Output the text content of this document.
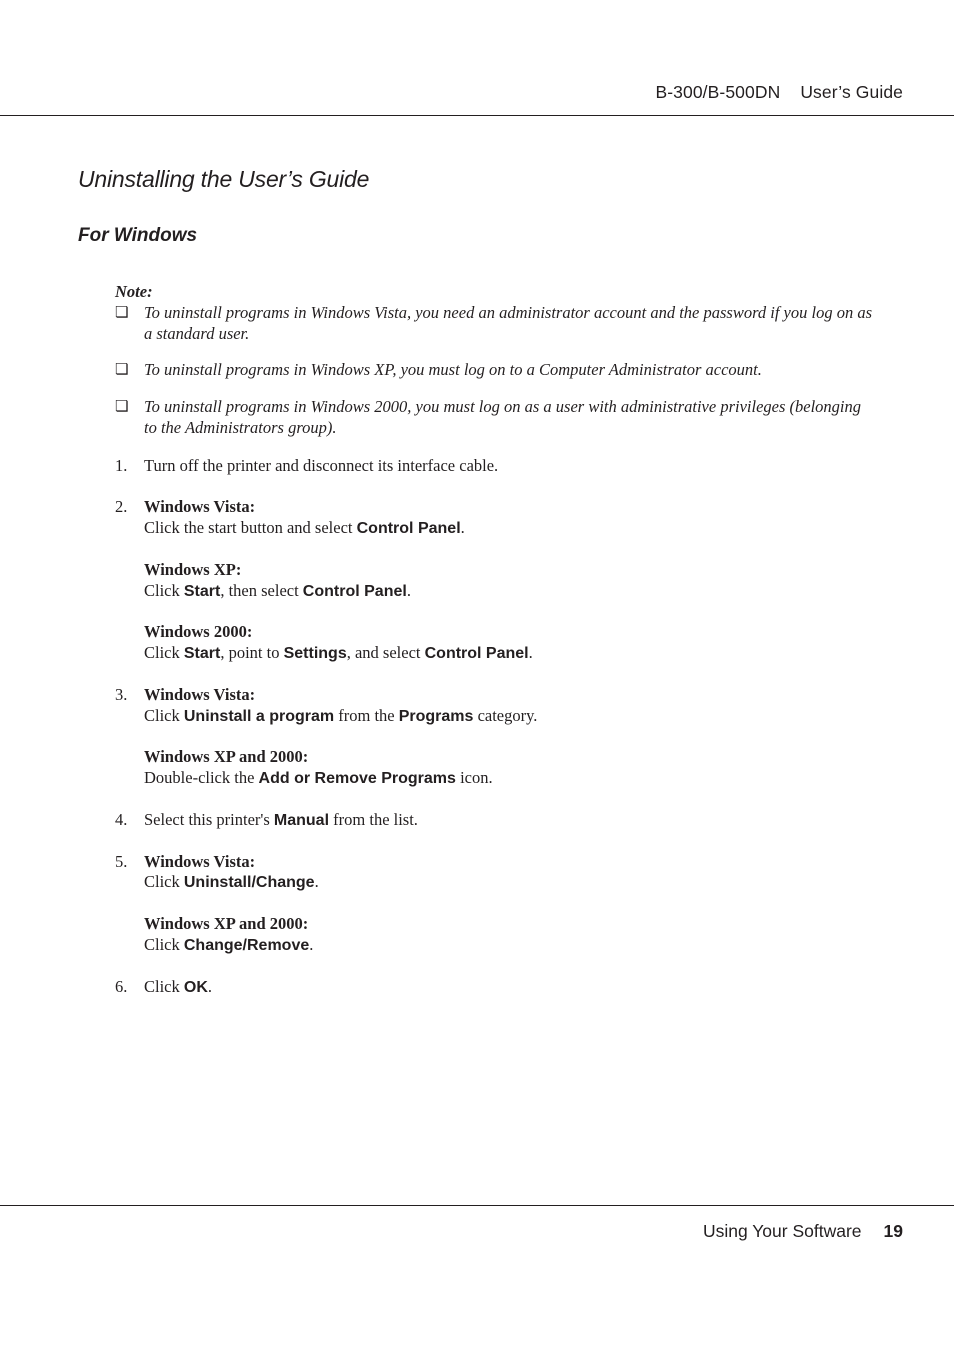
B-300/B-500DN User’s Guide
Uninstalling the User’s Guide
For Windows
Note:
❏ To uninstall programs in Windows Vista, you need an administrator account and the password if you log on as a standard user.
❏ To uninstall programs in Windows XP, you must log on to a Computer Administrator account.
❏ To uninstall programs in Windows 2000, you must log on as a user with administrative privileges (belonging to the Administrators group).
1. Turn off the printer and disconnect its interface cable.
2. Windows Vista:
Click the start button and select Control Panel.
Windows XP:
Click Start, then select Control Panel.
Windows 2000:
Click Start, point to Settings, and select Control Panel.
3. Windows Vista:
Click Uninstall a program from the Programs category.
Windows XP and 2000:
Double-click the Add or Remove Programs icon.
4. Select this printer's Manual from the list.
5. Windows Vista:
Click Uninstall/Change.
Windows XP and 2000:
Click Change/Remove.
6. Click OK.
Using Your Software 19
